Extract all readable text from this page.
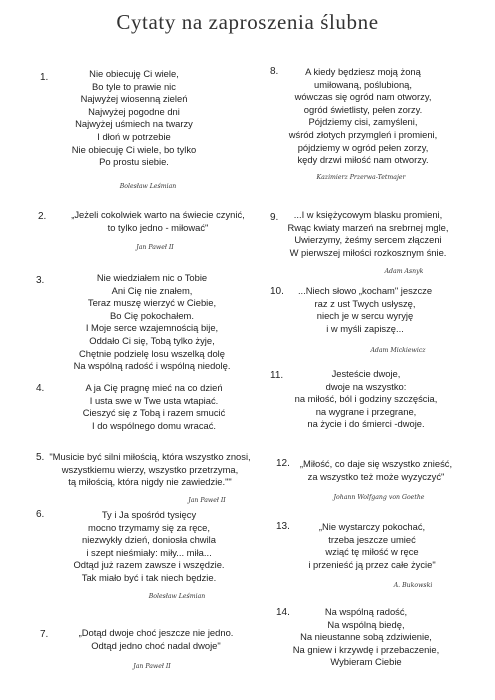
Cytaty na zaproszenia ślubne
1.	Nie obiecuję Ci wiele,
Bo tyle to prawie nic
Najwyżej wiosenną zieleń
Najwyżej pogodne dni
Najwyżej uśmiech na twarzy
I dłoń w potrzebie
Nie obiecuję Ci wiele, bo tylko
Po prostu siebie.
Bolesław Leśmian
2.	„Jeżeli cokolwiek warto na świecie czynić,
to tylko jedno - miłować"
Jan Paweł II
3.	Nie wiedziałem nic o Tobie
Ani Cię nie znałem,
Teraz muszę wierzyć w Ciebie,
Bo Cię pokochałem.
I Moje serce wzajemnością bije,
Oddało Ci się, Tobą tylko żyje,
Chętnie podzielę losu wszelką dolę
Na wspólną radość i wspólną niedolę.
4.	A ja Cię pragnę mieć na co dzień
I usta swe w Twe usta wtapiać.
Cieszyć się z Tobą i razem smucić
I do wspólnego domu wracać.
5. "Musicie być silni miłością, która wszystko znosi,
wszystkiemu wierzy, wszystko przetrzyma,
tą miłością, która nigdy nie zawiedzie.""
Jan Paweł II
6.	Ty i Ja spośród tysięcy
mocno trzymamy się za ręce,
niezwykły dzień, doniosła chwila
i szept nieśmiały: miły... miła...
Odtąd już razem zawsze i wszędzie.
Tak miało być i tak niech będzie.
Bolesław Leśmian
7.	„Dotąd dwoje choć jeszcze nie jedno.
Odtąd jedno choć nadal dwoje"
Jan Paweł II
8.	A kiedy będziesz moją żoną
umiłowaną, poślubioną,
wówczas się ogród nam otworzy,
ogród świetlisty, pełen zorzy.
Pójdziemy cisi, zamyśleni,
wśród złotych przymgleń i promieni,
pójdziemy w ogród pełen zorzy,
kędy drzwi miłość nam otworzy.
Kazimierz Przerwa-Tetmajer
9.	...I w księżycowym blasku promieni,
Rwąc kwiaty marzeń na srebrnej mgle,
Uwierzymy, żeśmy sercem złączeni
W pierwszej miłości rozkosznym śnie.
Adam Asnyk
10.	...Niech słowo „kocham" jeszcze
raz z ust Twych usłyszę,
niech je w sercu wyryję
i w myśli zapiszę...
Adam Mickiewicz
11.	Jesteście dwoje,
dwoje na wszystko:
na miłość, ból i godziny szczęścia,
na wygrane i przegrane,
na życie i do śmierci -dwoje.
12.	„Miłość, co daje się wszystko znieść,
za wszystko też może wyzyczyć"
Johann Wolfgang von Goethe
13.	„Nie wystarczy pokochać,
trzeba jeszcze umieć
wziąć tę miłość w ręce
i przenieść ją przez całe życie"
A. Bukowski
14.	Na wspólną radość,
Na wspólną biedę,
Na nieustanne sobą zdziwienie,
Na gniew i krzywdę i przebaczenie,
Wybieram Ciebie
